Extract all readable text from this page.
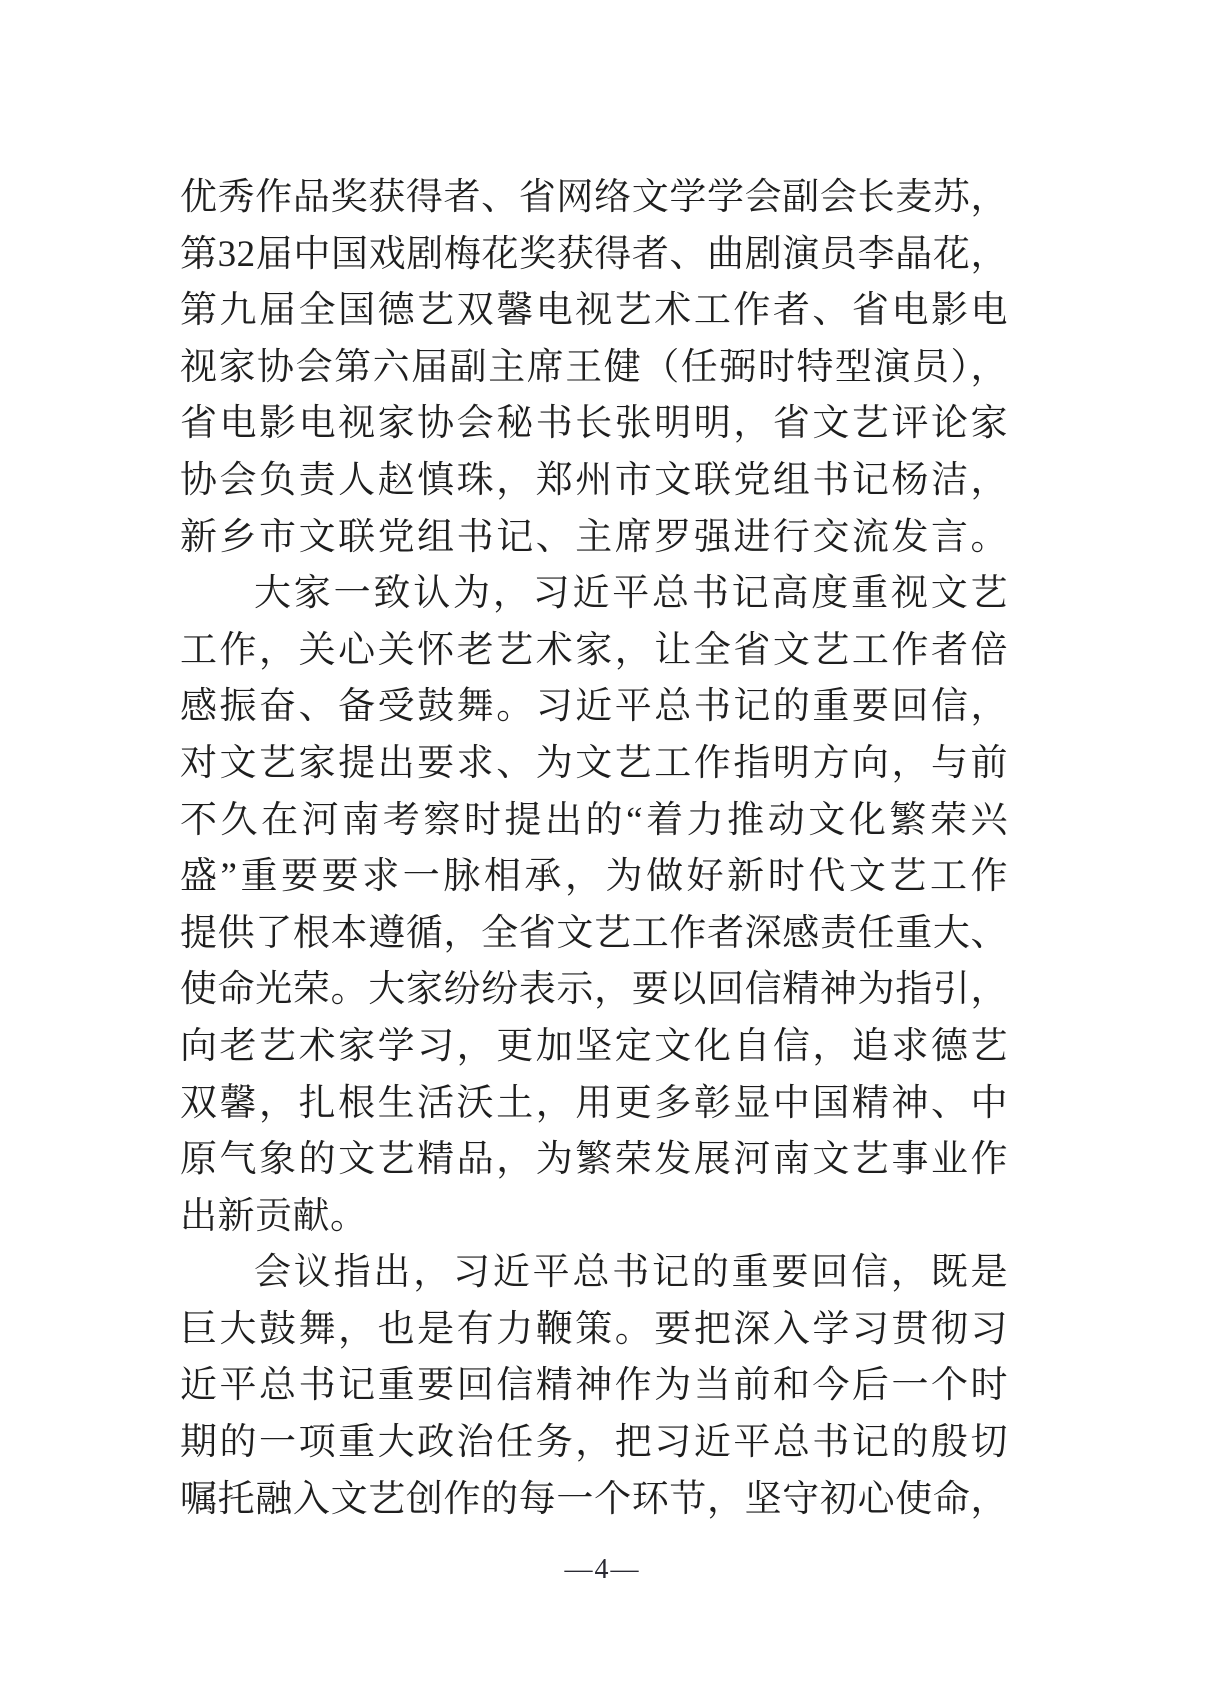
优秀作品奖获得者、省网络文学学会副会长麦苏，
第32届中国戏剧梅花奖获得者、曲剧演员李晶花，
第九届全国德艺双馨电视艺术工作者、省电影电
视家协会第六届副主席王健（任弼时特型演员），
省电影电视家协会秘书长张明明，省文艺评论家
协会负责人赵慎珠，郑州市文联党组书记杨洁，
新乡市文联党组书记、主席罗强进行交流发言。
大家一致认为，习近平总书记高度重视文艺
工作，关心关怀老艺术家，让全省文艺工作者倍
感振奋、备受鼓舞。习近平总书记的重要回信，
对文艺家提出要求、为文艺工作指明方向，与前
不久在河南考察时提出的“着力推动文化繁荣兴
盛”重要要求一脉相承，为做好新时代文艺工作
提供了根本遵循，全省文艺工作者深感责任重大、
使命光荣。大家纷纷表示，要以回信精神为指引，
向老艺术家学习，更加坚定文化自信，追求德艺
双馨，扎根生活沃土，用更多彰显中国精神、中
原气象的文艺精品，为繁荣发展河南文艺事业作
出新贡献。
会议指出，习近平总书记的重要回信，既是
巨大鼓舞，也是有力鞭策。要把深入学习贯彻习
近平总书记重要回信精神作为当前和今后一个时
期的一项重大政治任务，把习近平总书记的殷切
嘱托融入文艺创作的每一个环节，坚守初心使命，
—4—
